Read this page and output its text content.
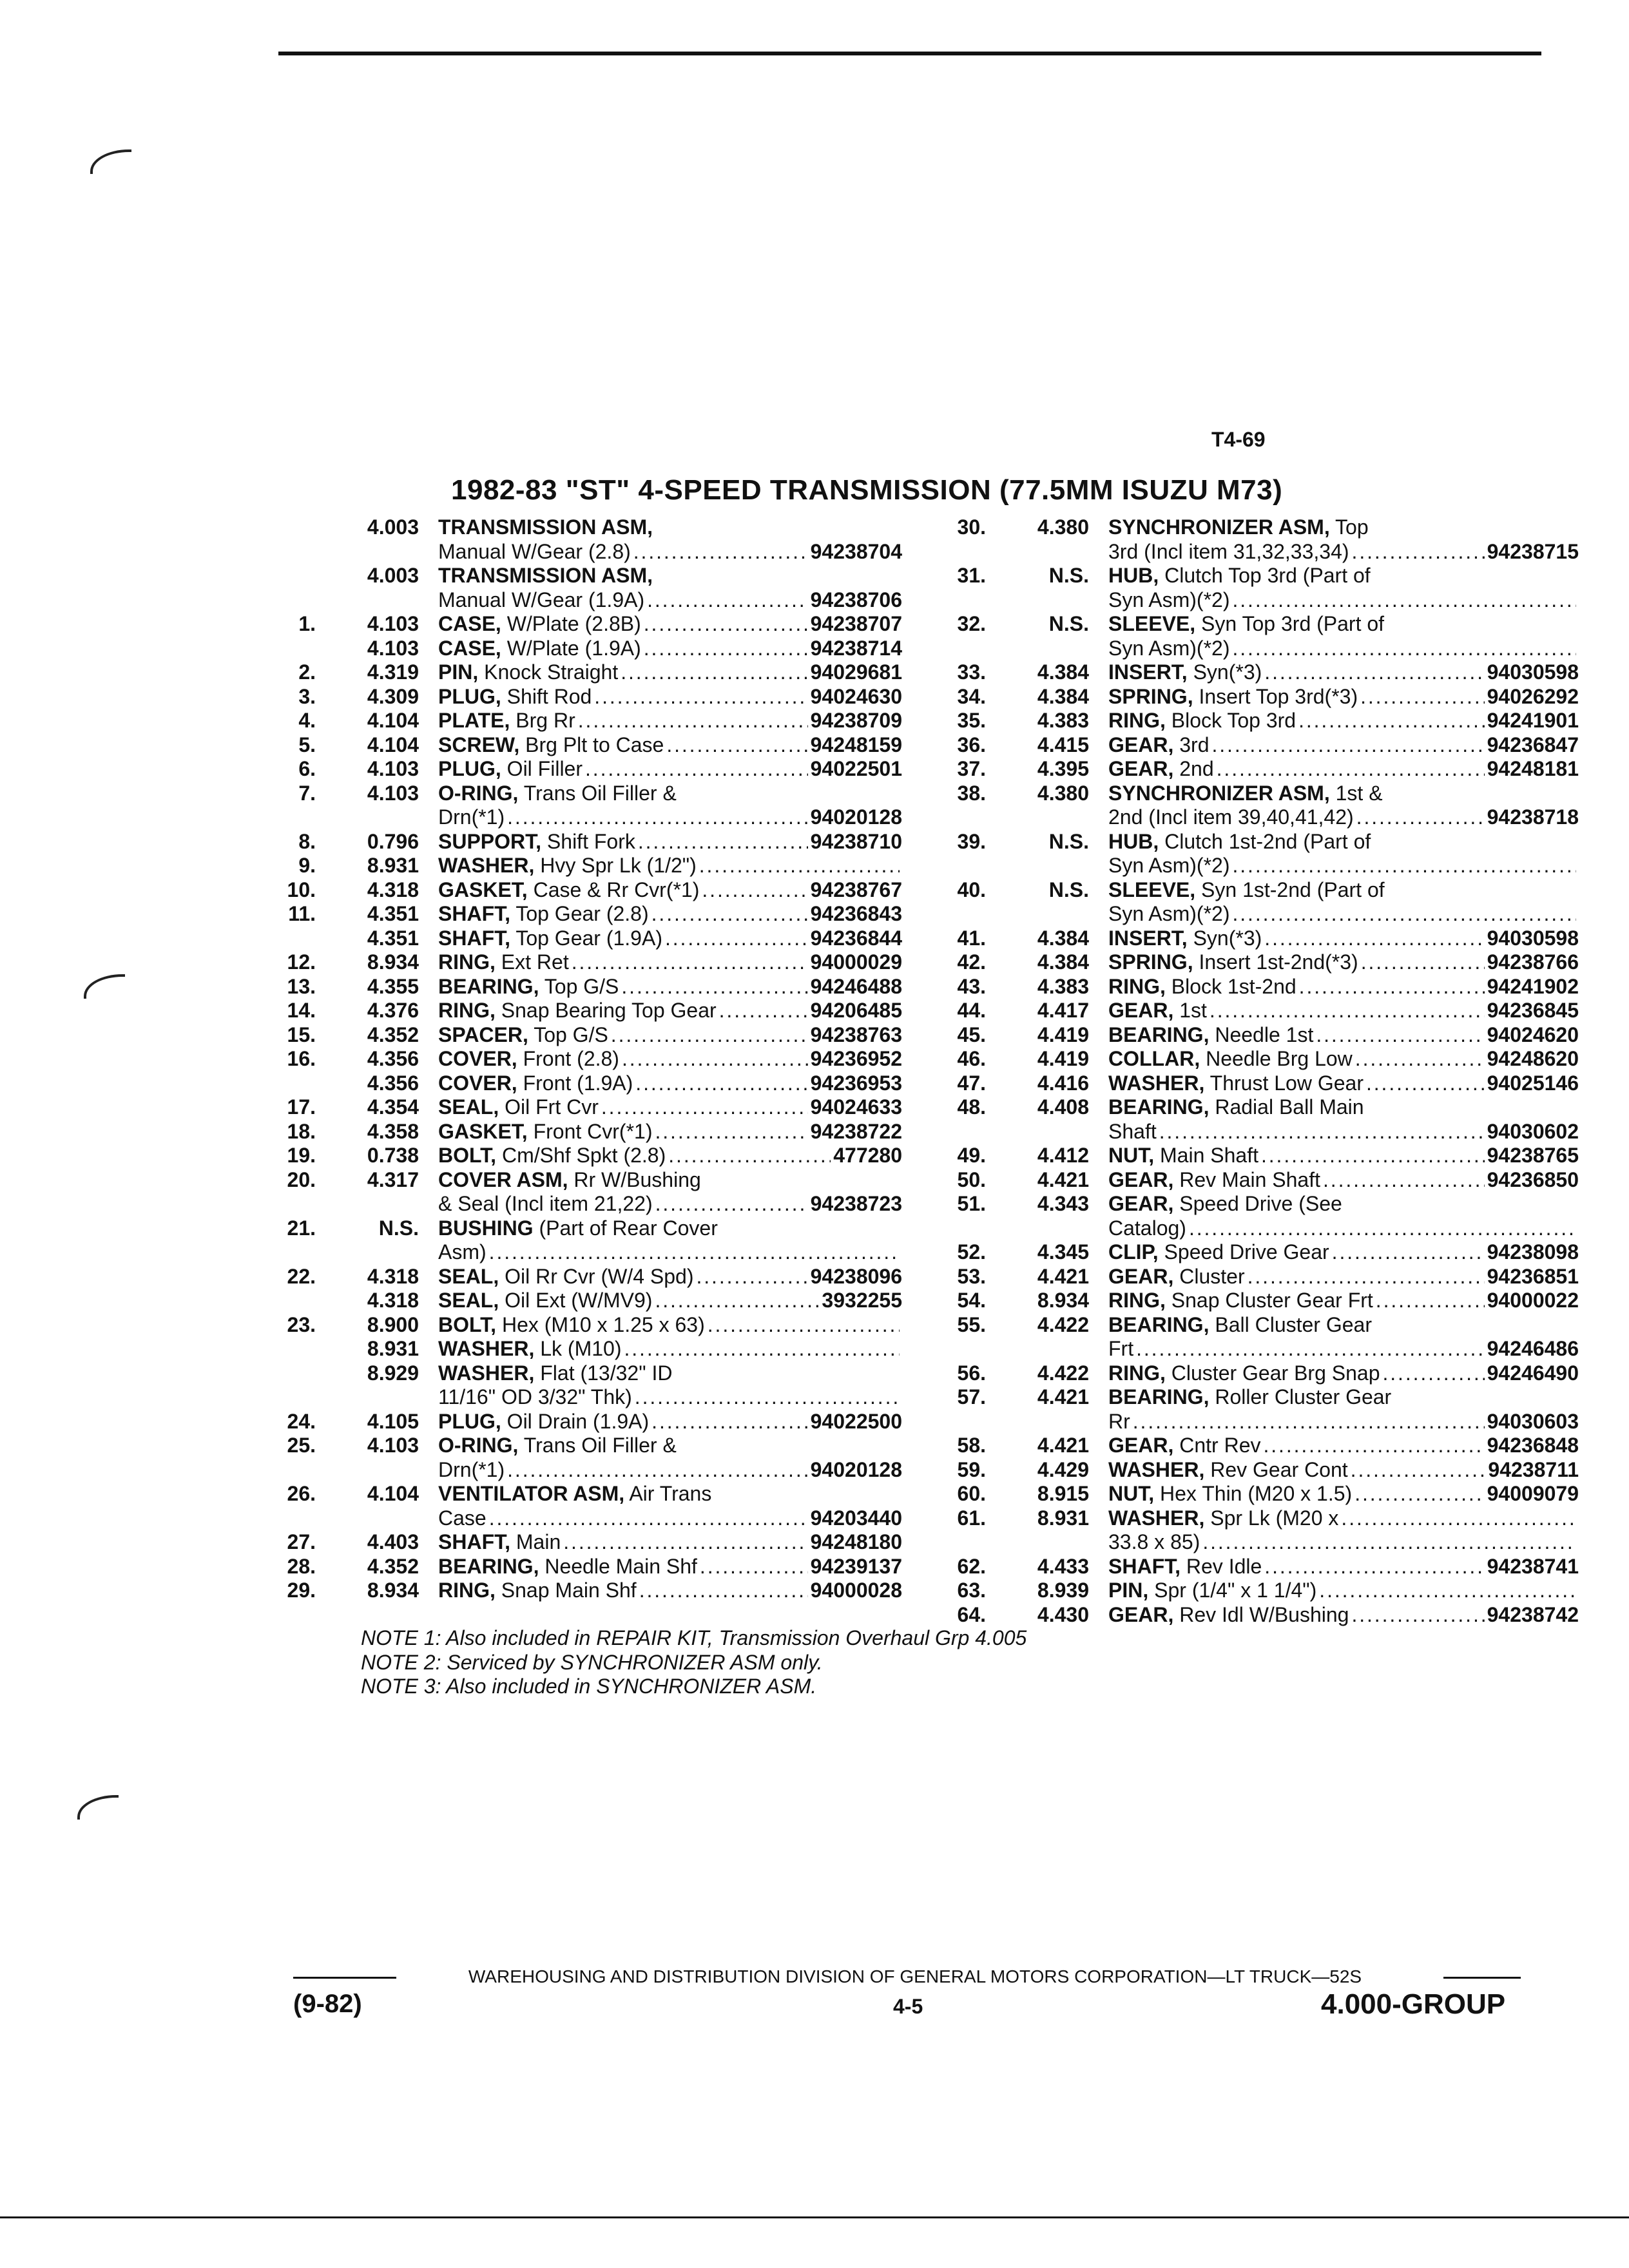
T4-69
1982-83 "ST" 4-SPEED TRANSMISSION (77.5MM ISUZU M73)
4.003 TRANSMISSION ASM,
Manual W/Gear (2.8) . . .	94238704
4.003 TRANSMISSION ASM,
Manual W/Gear (1.9A) . . .	94238706
1.	4.103 CASE, W/Plate (2.8B) . . .	94238707
4.103 CASE, W/Plate (1.9A) . . .	94238714
2.	4.319 PIN, Knock Straight . . .	94029681
3.	4.309 PLUG, Shift Rod . . .	94024630
4.	4.104 PLATE, Brg Rr . . .	94238709
5.	4.104 SCREW, Brg Plt to Case . . .	94248159
6.	4.103 PLUG, Oil Filler . . .	94022501
7.	4.103 O-RING, Trans Oil Filler &
Drn(*1) . . .	94020128
8.	0.796 SUPPORT, Shift Fork . . .	94238710
9.	8.931 WASHER, Hvy Spr Lk (1/2")
. . .
10.	4.318 GASKET, Case & Rr Cvr(*1) . . .	94238767
11.	4.351 SHAFT, Top Gear (2.8) . . .	94236843
4.351 SHAFT, Top Gear (1.9A) . . .	94236844
12.	8.934 RING, Ext Ret . . .	94000029
13.	4.355 BEARING, Top G/S . . .	94246488
14.	4.376 RING, Snap Bearing Top Gear . . .	94206485
15.	4.352 SPACER, Top G/S . . .	94238763
16.	4.356 COVER, Front (2.8) . . .	94236952
4.356 COVER, Front (1.9A) . . .	94236953
17.	4.354 SEAL, Oil Frt Cvr . . .	94024633
18.	4.358 GASKET, Front Cvr(*1) . . .	94238722
19.	0.738 BOLT, Cm/Shf Spkt (2.8) . . .	477280
20.	4.317 COVER ASM, Rr W/Bushing
& Seal (Incl item 21,22) . . .	94238723
21.	N.S. BUSHING (Part of Rear Cover
Asm)
. . .
22.	4.318 SEAL, Oil Rr Cvr (W/4 Spd) . . .	94238096
4.318 SEAL, Oil Ext (W/MV9) . . .	3932255
23.	8.900 BOLT, Hex (M10 x 1.25 x 63)
. . .
8.931 WASHER, Lk (M10)
. . .
8.929 WASHER, Flat (13/32" ID
11/16" OD 3/32" Thk)
. . .
24.	4.105 PLUG, Oil Drain (1.9A) . . .	94022500
25.	4.103 O-RING, Trans Oil Filler &
Drn(*1) . . .	94020128
26.	4.104 VENTILATOR ASM, Air Trans
Case . . .	94203440
27.	4.403 SHAFT, Main . . .	94248180
28.	4.352 BEARING, Needle Main Shf . . .	94239137
29.	8.934 RING, Snap Main Shf . . .	94000028
30.	4.380 SYNCHRONIZER ASM, Top
3rd (Incl item 31,32,33,34) . . .	94238715
31.	N.S. HUB, Clutch Top 3rd (Part of
Syn Asm)(*2)
. . .
32.	N.S. SLEEVE, Syn Top 3rd (Part of
Syn Asm)(*2)
. . .
33.	4.384 INSERT, Syn(*3) . . .	94030598
34.	4.384 SPRING, Insert Top 3rd(*3) . . .	94026292
35.	4.383 RING, Block Top 3rd . . .	94241901
36.	4.415 GEAR, 3rd . . .	94236847
37.	4.395 GEAR, 2nd . . .	94248181
38.	4.380 SYNCHRONIZER ASM, 1st &
2nd (Incl item 39,40,41,42) . . .	94238718
39.	N.S. HUB, Clutch 1st-2nd (Part of
Syn Asm)(*2)
. . .
40.	N.S. SLEEVE, Syn 1st-2nd (Part of
Syn Asm)(*2)
. . .
41.	4.384 INSERT, Syn(*3) . . .	94030598
42.	4.384 SPRING, Insert 1st-2nd(*3) . . .	94238766
43.	4.383 RING, Block 1st-2nd . . .	94241902
44.	4.417 GEAR, 1st . . .	94236845
45.	4.419 BEARING, Needle 1st . . .	94024620
46.	4.419 COLLAR, Needle Brg Low . . .	94248620
47.	4.416 WASHER, Thrust Low Gear . . .	94025146
48.	4.408 BEARING, Radial Ball Main
Shaft . . .	94030602
49.	4.412 NUT, Main Shaft . . .	94238765
50.	4.421 GEAR, Rev Main Shaft . . .	94236850
51.	4.343 GEAR, Speed Drive (See
Catalog)
. . .
52.	4.345 CLIP, Speed Drive Gear . . .	94238098
53.	4.421 GEAR, Cluster . . .	94236851
54.	8.934 RING, Snap Cluster Gear Frt . . .	94000022
55.	4.422 BEARING, Ball Cluster Gear
Frt . . .	94246486
56.	4.422 RING, Cluster Gear Brg Snap . . .	94246490
57.	4.421 BEARING, Roller Cluster Gear
Rr . . .	94030603
58.	4.421 GEAR, Cntr Rev . . .	94236848
59.	4.429 WASHER, Rev Gear Cont . . .	94238711
60.	8.915 NUT, Hex Thin (M20 x 1.5) . . .	94009079
61.	8.931 WASHER, Spr Lk (M20 x
. . .
33.8 x 85)
. . .
62.	4.433 SHAFT, Rev Idle . . .	94238741
63.	8.939 PIN, Spr (1/4" x 1 1/4")
. . .
64.	4.430 GEAR, Rev Idl W/Bushing . . .	94238742
NOTE 1: Also included in REPAIR KIT, Transmission Overhaul Grp 4.005
NOTE 2: Serviced by SYNCHRONIZER ASM only.
NOTE 3: Also included in SYNCHRONIZER ASM.
WAREHOUSING AND DISTRIBUTION DIVISION OF GENERAL MOTORS CORPORATION—LT TRUCK—52S
(9-82)	4-5	4.000-GROUP
